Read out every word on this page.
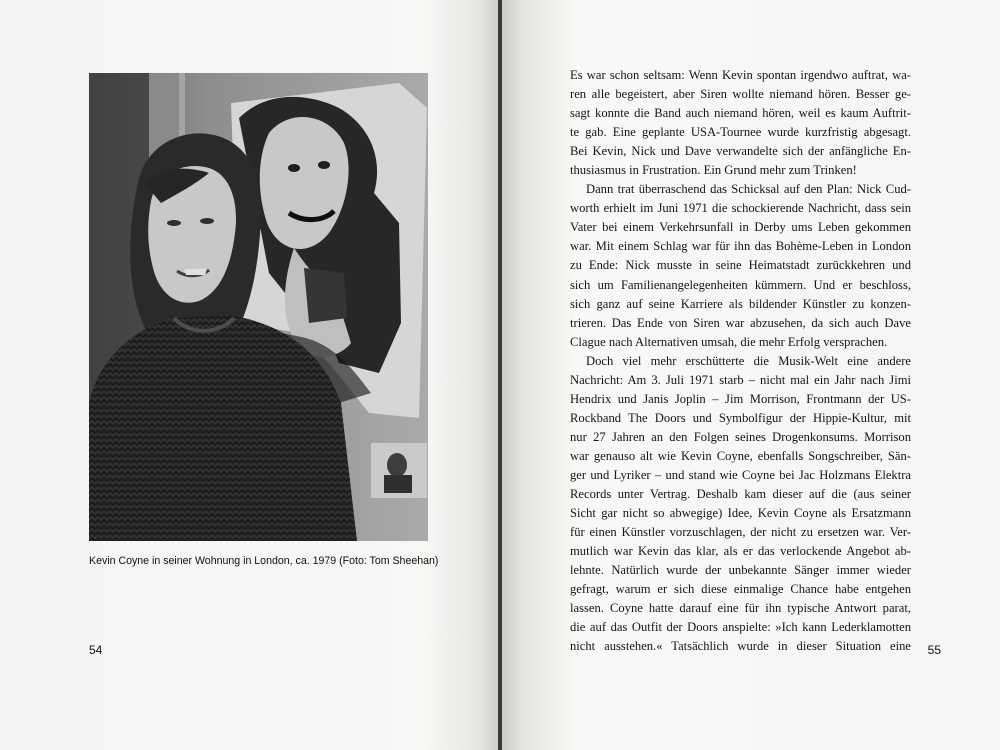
Kevin Coyne in seiner Wohnung in London, ca. 1979 (Foto: Tom Sheehan)
54
Es war schon seltsam: Wenn Kevin spontan irgendwo auftrat, wa-
ren alle begeistert, aber Siren wollte niemand hören. Besser ge-
sagt konnte die Band auch niemand hören, weil es kaum Auftrit-
te gab. Eine geplante USA-Tournee wurde kurzfristig abgesagt.
Bei Kevin, Nick und Dave verwandelte sich der anfängliche En-
thusiasmus in Frustration. Ein Grund mehr zum Trinken!
Dann trat überraschend das Schicksal auf den Plan: Nick Cud-
worth erhielt im Juni 1971 die schockierende Nachricht, dass sein
Vater bei einem Verkehrsunfall in Derby ums Leben gekommen
war. Mit einem Schlag war für ihn das Bohème-Leben in London
zu Ende: Nick musste in seine Heimatstadt zurückkehren und
sich um Familienangelegenheiten kümmern. Und er beschloss,
sich ganz auf seine Karriere als bildender Künstler zu konzen-
trieren. Das Ende von Siren war abzusehen, da sich auch Dave
Clague nach Alternativen umsah, die mehr Erfolg versprachen.
Doch viel mehr erschütterte die Musik-Welt eine andere
Nachricht: Am 3. Juli 1971 starb – nicht mal ein Jahr nach Jimi
Hendrix und Janis Joplin – Jim Morrison, Frontmann der US-
Rockband The Doors und Symbolfigur der Hippie-Kultur, mit
nur 27 Jahren an den Folgen seines Drogenkonsums. Morrison
war genauso alt wie Kevin Coyne, ebenfalls Songschreiber, Sän-
ger und Lyriker – und stand wie Coyne bei Jac Holzmans Elektra
Records unter Vertrag. Deshalb kam dieser auf die (aus seiner
Sicht gar nicht so abwegige) Idee, Kevin Coyne als Ersatzmann
für einen Künstler vorzuschlagen, der nicht zu ersetzen war. Ver-
mutlich war Kevin das klar, als er das verlockende Angebot ab-
lehnte. Natürlich wurde der unbekannte Sänger immer wieder
gefragt, warum er sich diese einmalige Chance habe entgehen
lassen. Coyne hatte darauf eine für ihn typische Antwort parat,
die auf das Outfit der Doors anspielte: »Ich kann Lederklamotten
nicht ausstehen.« Tatsächlich wurde in dieser Situation eine	55
